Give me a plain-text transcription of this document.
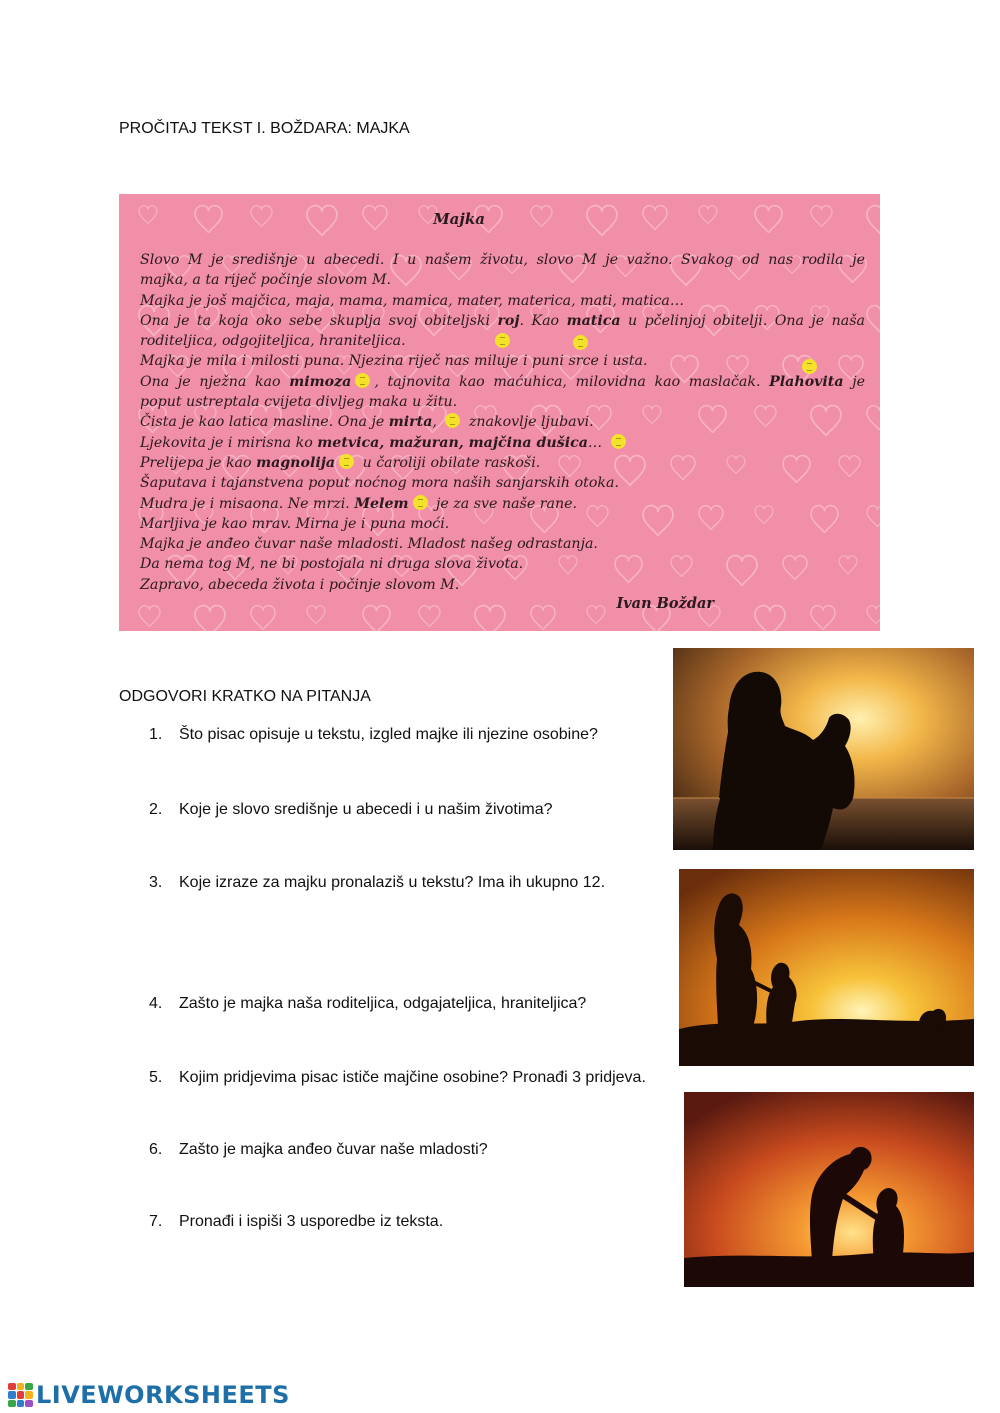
PROČITAJ TEKST I. BOŽDARA: MAJKA
Majka
Slovo M je središnje u abecedi. I u našem životu, slovo M je važno. Svakog od nas rodila je
majka, a ta riječ počinje slovom M.
Majka je još majčica, maja, mama, mamica, mater, materica, mati, matica…
Ona je ta koja oko sebe skuplja svoj obiteljski roj. Kao matica u pčelinjoj obitelji. Ona je naša
roditeljica, odgojiteljica, hraniteljica.
Majka je mila i milosti puna. Njezina riječ nas miluje i puni srce i usta.
Ona je nježna kao mimoza , tajnovita kao maćuhica, milovidna kao maslačak. Plahovita je
poput ustreptala cvijeta divljeg maka u žitu.
Čista je kao latica masline. Ona je mirta,  znakovlje ljubavi.
Ljekovita je i mirisna ko metvica, mažuran, majčina dušica…
Prelijepa je kao magnolija u čaroliji obilate raskoši.
Šaputava i tajanstvena poput noćnog mora naših sanjarskih otoka.
Mudra je i misaona. Ne mrzi. Melem je za sve naše rane.
Marljiva je kao mrav. Mirna je i puna moći.
Majka je anđeo čuvar naše mladosti. Mladost našeg odrastanja.
Da nema tog M, ne bi postojala ni druga slova života.
Zapravo, abeceda života i počinje slovom M.
Ivan Boždar
ODGOVORI KRATKO NA PITANJA
1. Što pisac opisuje u tekstu, izgled majke ili njezine osobine?
2. Koje je slovo središnje u abecedi i u našim životima?
3. Koje izraze za majku pronalaziš u tekstu? Ima ih ukupno 12.
4. Zašto je majka naša roditeljica, odgajateljica, hraniteljica?
5. Kojim pridjevima pisac ističe majčine osobine? Pronađi 3 pridjeva.
6. Zašto je majka anđeo čuvar naše mladosti?
7. Pronađi i ispiši 3 usporedbe iz teksta.
LIVEWORKSHEETS
